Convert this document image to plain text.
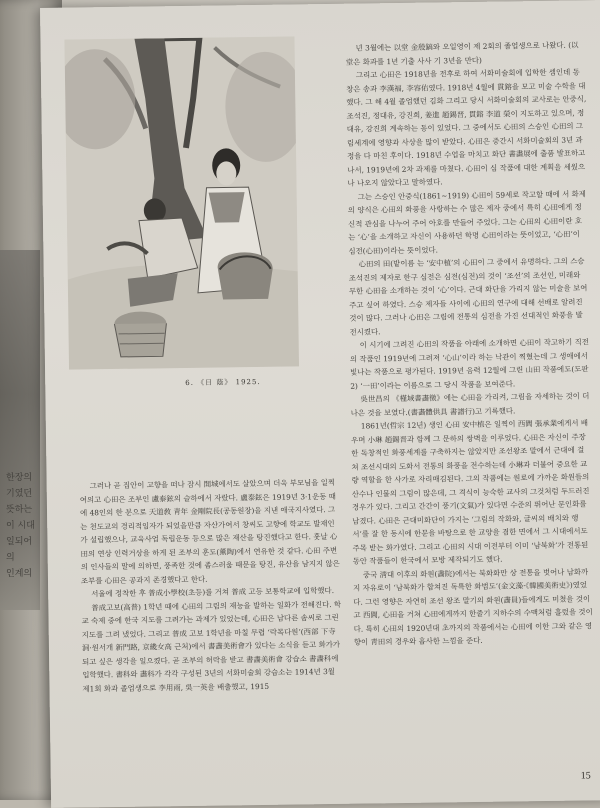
한장의
기였던
뜻하는
이 시대
일되어
의
인계의
6. 《日 蔭》 1925.

년 3월에는 以堂 金殷鎬와 오일영이 제 2회의 졸업생으로 나왔다. (以堂은 화과를 1년 기출 사사 기 3년을 만다)

그리고 心田은 1918년을 전후로 하여 서화미술회에 입학한 셈인데 동창은 송과 李漢福, 李容佑였다. 1918년 4월에 貫鎔을 모고 미술 수학을 대했다. 그 해 4월 졸업했던 김화 그리고 당시 서화미술회의 교사로는 안중식, 조석진, 정대유, 강진희, 姜進 趙錫晋, 貫鎔 李道 榮이 지도하고 있으며, 정대유, 강진희 계속하는 동이 있었다. 그 중에서도 心田의 스승인 心田의 그림세계에 영향과 사상을 많이 받았다. 心田은 중간시 서화미술회의 3년 과정을 다 마친 후이다. 1918년 수업을 마치고 화단 書畵展에 출품 발표하고 나서, 1919년에 2차 과제를 마쳤다. 心田이 심 작품에 대한 계획을 세웠으나 나오지 않았다고 말하였다.

그는 스승인 안중식(1861~1919) 心田이 59세로 작고할 때에 서 화제의 양식은 心田의 화풍을 사랑하는 수 많은 제자 중에서 특히 心田에게 정신적 관심을 나누어 주어 아호를 만들어 주었다. 그는 心田의 心田이란 호는 ‘心’을 소개하고 자신이 사용하던 학명 心田이라는 뜻이었고, ‘心田’이 심전(心田)이라는 뜻이었다.

心田의 田(밭이름 는 ‘安中植’의 心田이 그 중에서 유명하다. 그의 스승 조석진의 제자로 한구 심전은 심전(심전)의 것이 ‘조선’의 조선인, 미래와 무한 心田을 소개하는 것이 ‘心’이다. 근대 화단을 가리지 않는 미술을 보여주고 싶어 하였다. 스승 제자들 사이에 心田의 연구에 대해 선배로 알려진 것이 많다. 그러나 心田은 그림에 전통의 심전을 가진 선대적인 화풍을 발전시켰다.

이 시기에 그려진 心田의 작품을 아래에 소개하면 心田이 작고하기 직전의 작품인 1919년에 그려져 ‘心山’이라 하는 낙관이 찍혔는데 그 생애에서 빛나는 작품으로 평가된다. 1919년 음력 12월에 그린 山田 작품에도(도판2) ‘一田’이라는 이름으로 그 당시 작품을 보여준다.

吳世昌의 《槿域書畵徵》에는 心田을 가리켜, 그림을 자세하는 것이 더 나은 것을 보였다.(書畵體供具 書譜行)고 기록했다.

1861년(哲宗 12년) 생인 心田 安中植은 일찍이 西閭 張承業에게서 배우며 小琳 趙錫晋과 함께 그 문하의 쌍벽을 이루었다. 心田은 자신이 주장한 독창적인 화풍세계를 구축하지는 않았지만 조선왕조 말에서 근대에 걸쳐 조선시대의 도화서 전통의 화풍을 전수하는데 小琳과 더불어 중요한 교량 역할을 한 사가로 자리매김된다. 그의 작품에는 원로에 가까운 화원들의 산수나 인물의 그림이 많은데, 그 격식이 능숙한 교사의 그것처럼 두드러진 경우가 있다. 그리고 간간이 풍기(文氣)가 있다면 수준의 뛰어난 문인화를 남겼다. 心田은 근대미화단이 가지는 ‘그림의 작화와, 글씨의 배치와 행서’를 잘 한 동시에 한문을 바탕으로 한 교양을 겸한 면에서 그 시대에서도 주목 받는 화가였다. 그리고 心田의 시대 이전부터 이미 ‘남북화’가 전통된 동안 작품들이 한국에서 모방 제작되기도 했다.

중국 淸대 이후의 화원(畵院)에서는 북화화만 상 전통을 벗어나 남화까지 자유로이 ‘남북화가 합쳐진 독특한 화법도’(金文藻·《韓國美術史》)였었다. 그런 영향은 자연히 조선 왕조 말기의 화원(畵員)들에게도 미쳤을 것이고 西閭, 心田을 거쳐 心田에게까지 한줄기 지하수의 수맥처럼 흘렀을 것이다. 특히 心田의 1920년대 초까지의 작품에서는 心田에 이한 그와 같은 영향이 靑田의 경우와 흡사한 느낌을 준다.

그러나 곧 집안이 고향을 떠나 잠시 開城에서도 살았으며 더욱 부모님을 일찍 여의고 心田은 조부인 盧泰鉉의 슬하에서 자랐다. 盧泰鉉은 1919년 3·1운동 때에 48인의 한 분으로 天道敎 靑年 金剛院長(공동원장)을 지낸 애국지사였다. 그는 천도교의 경리적임자가 되었을만큼 자산가여서 창씨도 고향에 학교도 발재인가 설립했으나, 교육사업 독립운동 등으로 많은 재산을 탕진했다고 한다. 훗날 心田의 연상 인력거상을 하게 된 조부의 훈도(薰陶)에서 연유한 것 같다. 心田 주변의 인사들의 말에 의하면, 풍족한 것에 좀스러움 때문을 탕진, 유산을 남지지 않은 조부를 心田은 공과지 존경했다고 한다.

서울에 정착한 후 普成小學校(초등)를 거쳐 普成 고등 보통학교에 입학했다.

普成고보(高普) 1학년 때에 心田의 그림의 재능을 발하는 일화가 전해진다. 학교 숙제 중에 한국 지도를 그려가는 과제가 있었는데, 心田은 남다른 솜씨로 그린 지도를 그려 냈었다. 그리고 普成 고보 1학년을 마칠 무렵 ‘락목다원’(西部 下寺洞·원서개 新門路, 京畿女高 근처)에서 書畵美術會가 있다는 소식을 듣고 화가가 되고 싶은 생각을 일으켰다. 곧 조부의 허락을 받고 書畵美術會 강습소 書畵科에 입학했다. 書科와 畵科가 각각 구성된 3년의 서화미술회 강습소는 1914년 3월 제1회 화과 졸업생으로 李用雨, 吳一英을 배출했고, 1915

15
